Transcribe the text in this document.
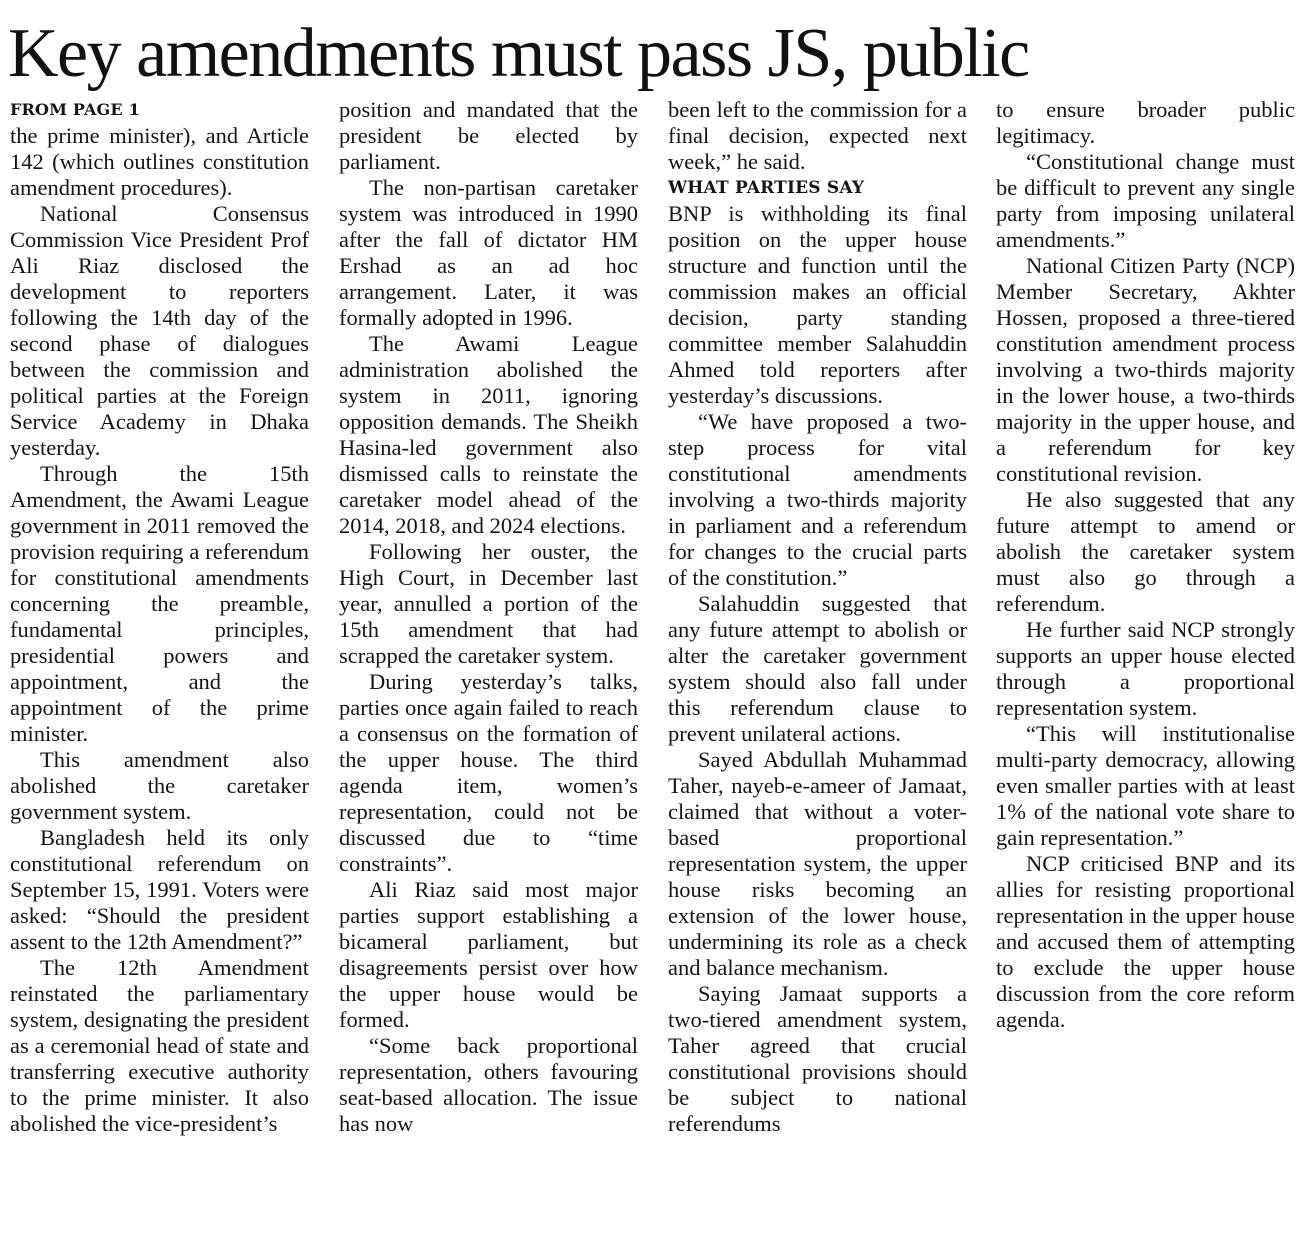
Key amendments must pass JS, public
FROM PAGE 1

the prime minister), and Article 142 (which outlines constitution amendment procedures).

National Consensus Commission Vice President Prof Ali Riaz disclosed the development to reporters following the 14th day of the second phase of dialogues between the commission and political parties at the Foreign Service Academy in Dhaka yesterday.

Through the 15th Amendment, the Awami League government in 2011 removed the provision requiring a referendum for constitutional amendments concerning the preamble, fundamental principles, presidential powers and appointment, and the appointment of the prime minister.

This amendment also abolished the caretaker government system.

Bangladesh held its only constitutional referendum on September 15, 1991. Voters were asked: “Should the president assent to the 12th Amendment?”

The 12th Amendment reinstated the parliamentary system, designating the president as a ceremonial head of state and transferring executive authority to the prime minister. It also abolished the vice-president’s

position and mandated that the president be elected by parliament.

The non-partisan caretaker system was introduced in 1990 after the fall of dictator HM Ershad as an ad hoc arrangement. Later, it was formally adopted in 1996.

The Awami League administration abolished the system in 2011, ignoring opposition demands. The Sheikh Hasina-led government also dismissed calls to reinstate the caretaker model ahead of the 2014, 2018, and 2024 elections.

Following her ouster, the High Court, in December last year, annulled a portion of the 15th amendment that had scrapped the caretaker system.

During yesterday’s talks, parties once again failed to reach a consensus on the formation of the upper house. The third agenda item, women’s representation, could not be discussed due to “time constraints”.

Ali Riaz said most major parties support establishing a bicameral parliament, but disagreements persist over how the upper house would be formed.

“Some back proportional representation, others favouring seat-based allocation. The issue has now

been left to the commission for a final decision, expected next week,” he said.

WHAT PARTIES SAY

BNP is withholding its final position on the upper house structure and function until the commission makes an official decision, party standing committee member Salahuddin Ahmed told reporters after yesterday’s discussions.

“We have proposed a two-step process for vital constitutional amendments involving a two-thirds majority in parliament and a referendum for changes to the crucial parts of the constitution.”

Salahuddin suggested that any future attempt to abolish or alter the caretaker government system should also fall under this referendum clause to prevent unilateral actions.

Sayed Abdullah Muhammad Taher, nayeb-e-ameer of Jamaat, claimed that without a voter-based proportional representation system, the upper house risks becoming an extension of the lower house, undermining its role as a check and balance mechanism.

Saying Jamaat supports a two-tiered amendment system, Taher agreed that crucial constitutional provisions should be subject to national referendums

to ensure broader public legitimacy.

“Constitutional change must be difficult to prevent any single party from imposing unilateral amendments.”

National Citizen Party (NCP) Member Secretary, Akhter Hossen, proposed a three-tiered constitution amendment process involving a two-thirds majority in the lower house, a two-thirds majority in the upper house, and a referendum for key constitutional revision.

He also suggested that any future attempt to amend or abolish the caretaker system must also go through a referendum.

He further said NCP strongly supports an upper house elected through a proportional representation system.

“This will institutionalise multi-party democracy, allowing even smaller parties with at least 1% of the national vote share to gain representation.”

NCP criticised BNP and its allies for resisting proportional representation in the upper house and accused them of attempting to exclude the upper house discussion from the core reform agenda.
